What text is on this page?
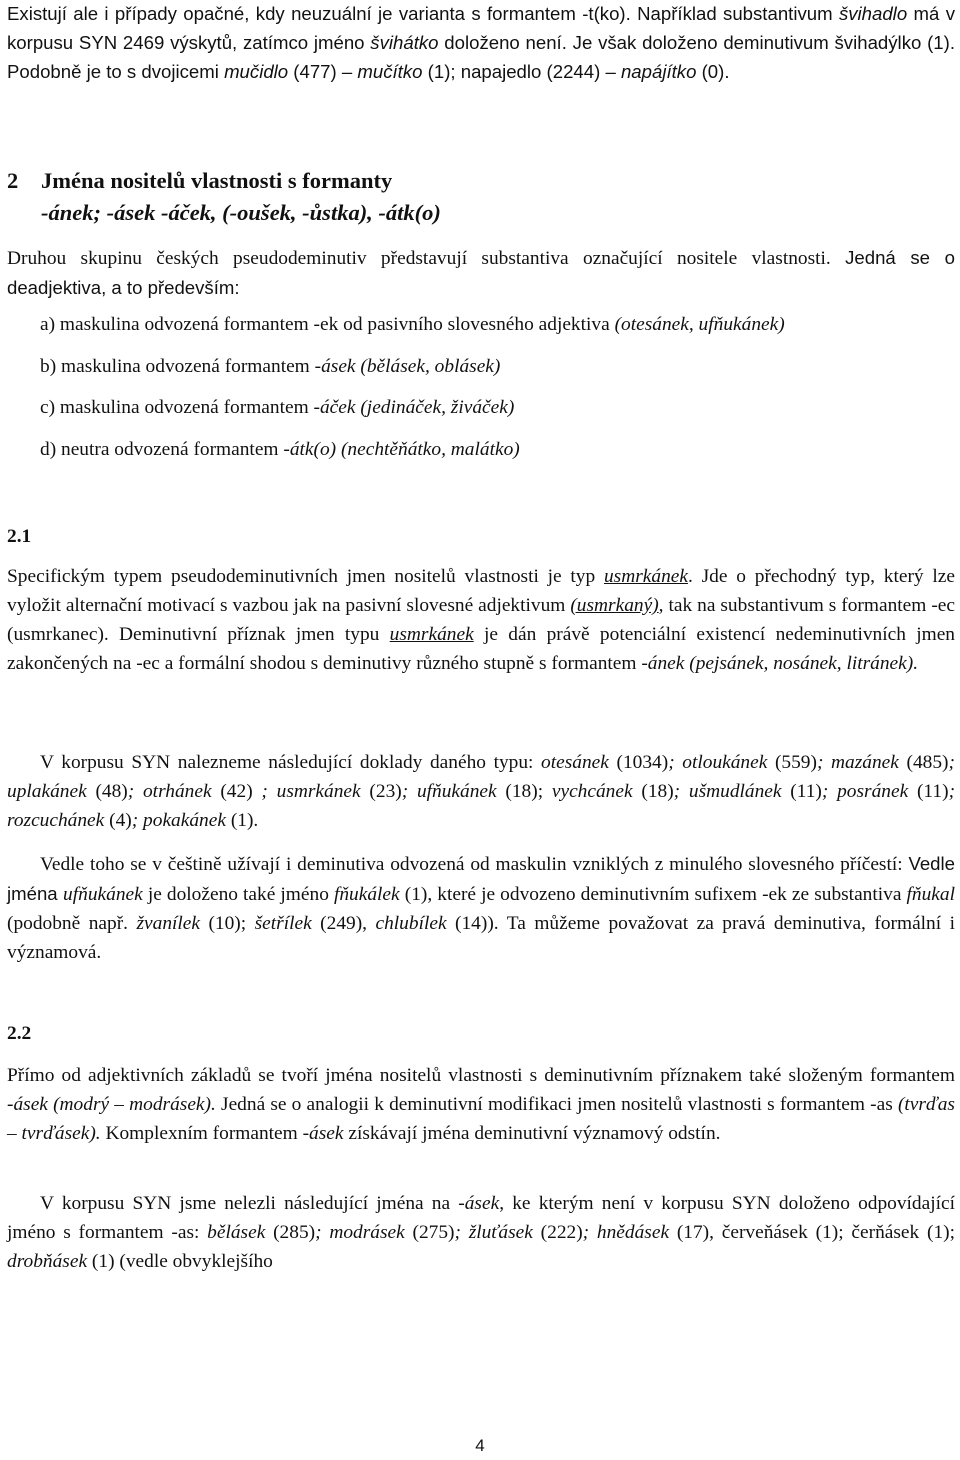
Existují ale i případy opačné, kdy neuzuální je varianta s formantem -t(ko). Například substantivum švihadlo má v korpusu SYN 2469 výskytů, zatímco jméno švihátko doloženo není. Je však doloženo deminutivum švihadýlko (1). Podobně je to s dvojicemi mučidlo (477) – mučítko (1); napajedlo (2244) – napájítko (0).

2 Jména nositelů vlastnosti s formanty
-ánek; -ásek -áček, (-oušek, -ůstka), -átk(o)

Druhou skupinu českých pseudodeminutiv představují substantiva označující nositele vlastnosti. Jedná se o deadjektiva, a to především:

a) maskulina odvozená formantem -ek od pasivního slovesného adjektiva (otesánek, ufňukánek)
b) maskulina odvozená formantem -ásek (bělásek, oblásek)
c) maskulina odvozená formantem -áček (jedináček, živáček)
d) neutra odvozená formantem -átk(o) (nechtěňátko, malátko)
2.1

Specifickým typem pseudodeminutivních jmen nositelů vlastnosti je typ usmrkánek. Jde o přechodný typ, který lze vyložit alternační motivací s vazbou jak na pasivní slovesné adjektivum (usmrkaný), tak na substantivum s formantem -ec (usmrkanec). Deminutivní příznak jmen typu usmrkánek je dán právě potenciální existencí nedeminutivních jmen zakončených na -ec a formální shodou s deminutivy různého stupně s formantem -ánek (pejsánek, nosánek, litránek).

V korpusu SYN nalezneme následující doklady daného typu: otesánek (1034); otloukánek (559); mazánek (485); uplakánek (48); otrhánek (42) ; usmrkánek (23); ufňukánek (18); vychcánek (18); ušmudlánek (11); posránek (11); rozcuchánek (4); pokakánek (1).

Vedle toho se v češtině užívají i deminutiva odvozená od maskulin vzniklých z minulého slovesného příčestí: Vedle jména ufňukánek je doloženo také jméno fňukálek (1), které je odvozeno deminutivním sufixem -ek ze substantiva fňukal (podobně např. žvanílek (10); šetřílek (249), chlubílek (14)). Ta můžeme považovat za pravá deminutiva, formální i významová.

2.2

Přímo od adjektivních základů se tvoří jména nositelů vlastnosti s deminutivním příznakem také složeným formantem -ásek (modrý – modrásek). Jedná se o analogii k deminutivní modifikaci jmen nositelů vlastnosti s formantem -as (tvrďas – tvrďásek). Komplexním formantem -ásek získávají jména deminutivní významový odstín.

V korpusu SYN jsme nelezli následující jména na -ásek, ke kterým není v korpusu SYN doloženo odpovídající jméno s formantem -as: bělásek (285); modrásek (275); žluťásek (222); hnědásek (17), červeňásek (1); čerňásek (1); drobňásek (1) (vedle obvyklejšího

4
